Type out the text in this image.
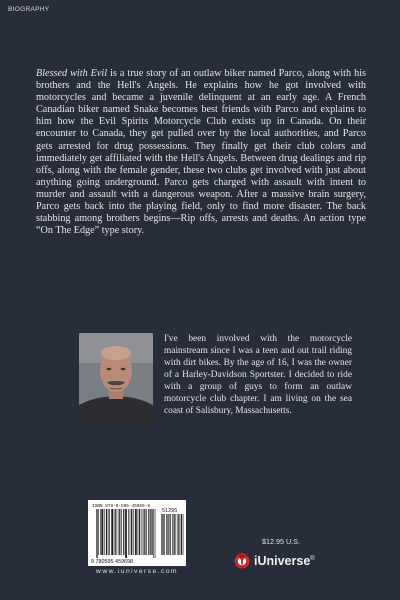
BIOGRAPHY

Blessed with Evil is a true story of an outlaw biker named Parco, along with his brothers and the Hell's Angels. He explains how he got involved with motorcycles and became a juvenile delinquent at an early age. A French Canadian biker named Snake becomes best friends with Parco and explains to him how the Evil Spirits Motorcycle Club exists up in Canada. On their encounter to Canada, they get pulled over by the local authorities, and Parco gets arrested for drug possessions. They finally get their club colors and immediately get affiliated with the Hell's Angels. Between drug dealings and rip offs, along with the female gender, these two clubs get involved with just about anything going underground. Parco gets charged with assault with intent to murder and assault with a dangerous weapon. After a massive brain surgery, Parco gets back into the playing field, only to find more disaster. The back stabbing among brothers begins—Rip offs, arrests and deaths. An action type “On The Edge” type story.

I've been involved with the motorcycle mainstream since I was a teen and out trail riding with dirt bikes. By the age of 16, I was the owner of a Harley-Davidson Sportster. I decided to ride with a group of guys to form an outlaw motorcycle club chapter. I am living on the sea coast of Salisbury, Massachusetts.

ISBN 978-0-595-45969-8
51295
9 780595 459698
www.iuniverse.com
$12.95 U.S.
iUniverse®
